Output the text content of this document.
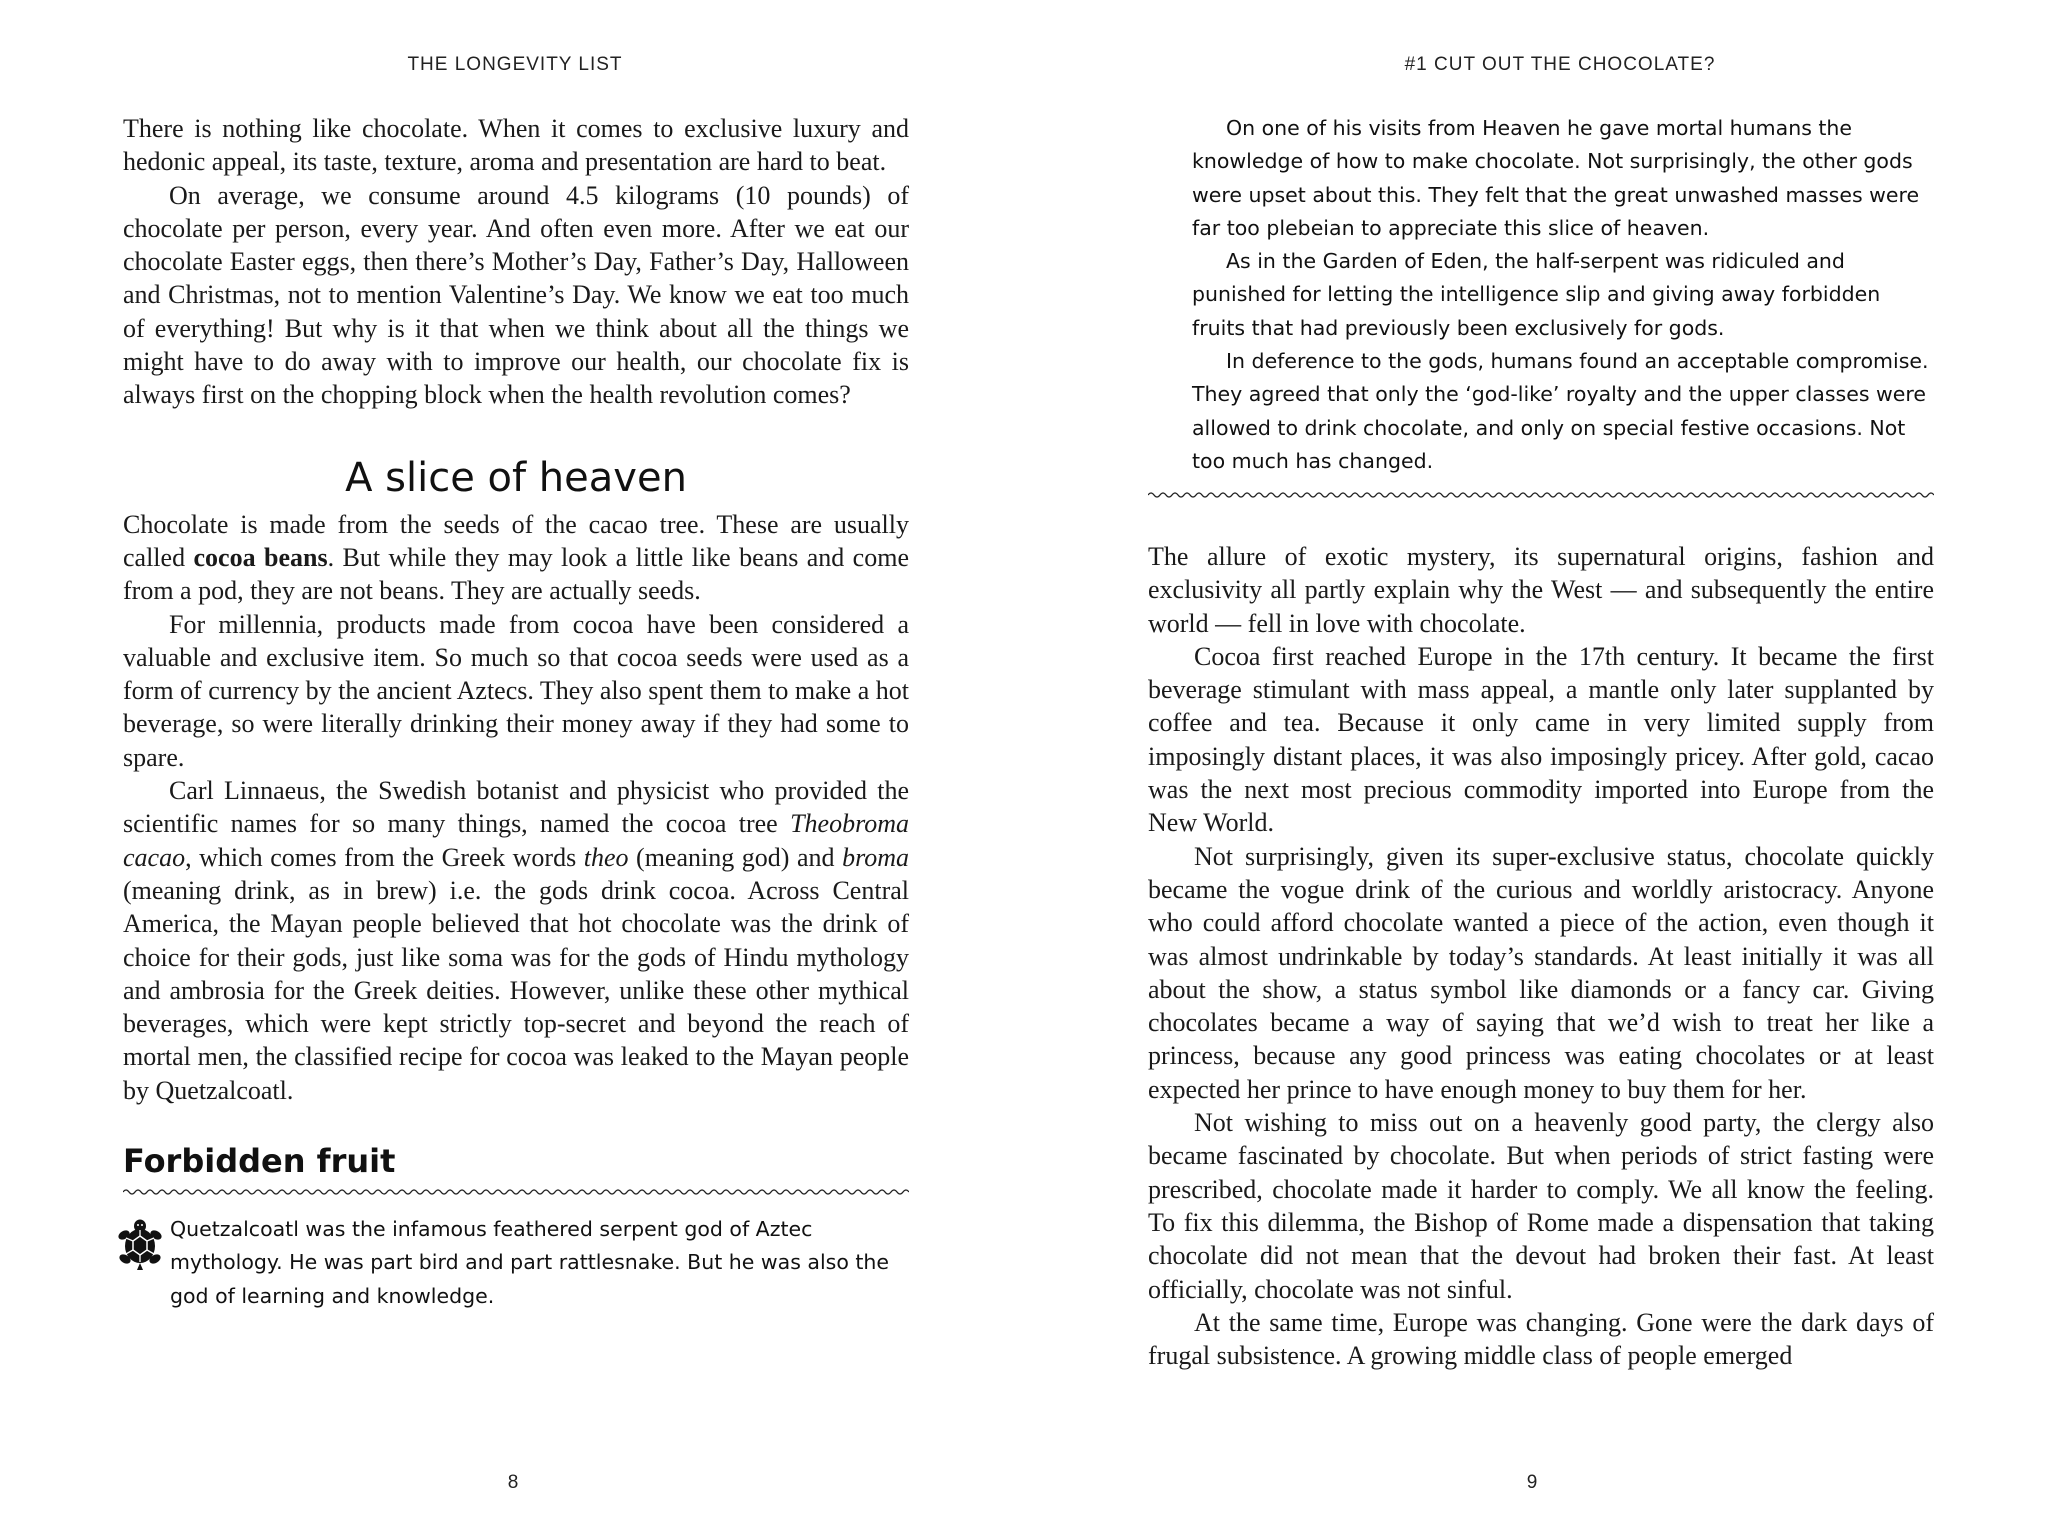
THE LONGEVITY LIST

There is nothing like chocolate. When it comes to exclusive luxury and hedonic appeal, its taste, texture, aroma and presentation are hard to beat.

On average, we consume around 4.5 kilograms (10 pounds) of chocolate per person, every year. And often even more. After we eat our chocolate Easter eggs, then there’s Mother’s Day, Father’s Day, Halloween and Christmas, not to mention Valentine’s Day. We know we eat too much of everything! But why is it that when we think about all the things we might have to do away with to improve our health, our chocolate fix is always first on the chopping block when the health revolution comes?

A slice of heaven

Chocolate is made from the seeds of the cacao tree. These are usually called cocoa beans. But while they may look a little like beans and come from a pod, they are not beans. They are actually seeds.

For millennia, products made from cocoa have been considered a valuable and exclusive item. So much so that cocoa seeds were used as a form of currency by the ancient Aztecs. They also spent them to make a hot beverage, so were literally drinking their money away if they had some to spare.

Carl Linnaeus, the Swedish botanist and physicist who provided the scientific names for so many things, named the cocoa tree Theobroma cacao, which comes from the Greek words theo (meaning god) and broma (meaning drink, as in brew) i.e. the gods drink cocoa. Across Central America, the Mayan people believed that hot chocolate was the drink of choice for their gods, just like soma was for the gods of Hindu mythology and ambrosia for the Greek deities. However, unlike these other mythical beverages, which were kept strictly top-secret and beyond the reach of mortal men, the classified recipe for cocoa was leaked to the Mayan people by Quetzalcoatl.

Forbidden fruit

Quetzalcoatl was the infamous feathered serpent god of Aztec mythology. He was part bird and part rattlesnake. But he was also the god of learning and knowledge.

8
#1 CUT OUT THE CHOCOLATE?

On one of his visits from Heaven he gave mortal humans the knowledge of how to make chocolate. Not surprisingly, the other gods were upset about this. They felt that the great unwashed masses were far too plebeian to appreciate this slice of heaven.

As in the Garden of Eden, the half-serpent was ridiculed and punished for letting the intelligence slip and giving away forbidden fruits that had previously been exclusively for gods.

In deference to the gods, humans found an acceptable compromise. They agreed that only the ‘god-like’ royalty and the upper classes were allowed to drink chocolate, and only on special festive occasions. Not too much has changed.

The allure of exotic mystery, its supernatural origins, fashion and exclusivity all partly explain why the West — and subsequently the entire world — fell in love with chocolate.

Cocoa first reached Europe in the 17th century. It became the first beverage stimulant with mass appeal, a mantle only later supplanted by coffee and tea. Because it only came in very limited supply from imposingly distant places, it was also imposingly pricey. After gold, cacao was the next most precious commodity imported into Europe from the New World.

Not surprisingly, given its super-exclusive status, chocolate quickly became the vogue drink of the curious and worldly aristocracy. Anyone who could afford chocolate wanted a piece of the action, even though it was almost undrinkable by today’s standards. At least initially it was all about the show, a status symbol like diamonds or a fancy car. Giving chocolates became a way of saying that we’d wish to treat her like a princess, because any good princess was eating chocolates or at least expected her prince to have enough money to buy them for her.

Not wishing to miss out on a heavenly good party, the clergy also became fascinated by chocolate. But when periods of strict fasting were prescribed, chocolate made it harder to comply. We all know the feeling. To fix this dilemma, the Bishop of Rome made a dispensation that taking chocolate did not mean that the devout had broken their fast. At least officially, chocolate was not sinful.

At the same time, Europe was changing. Gone were the dark days of frugal subsistence. A growing middle class of people emerged

9
